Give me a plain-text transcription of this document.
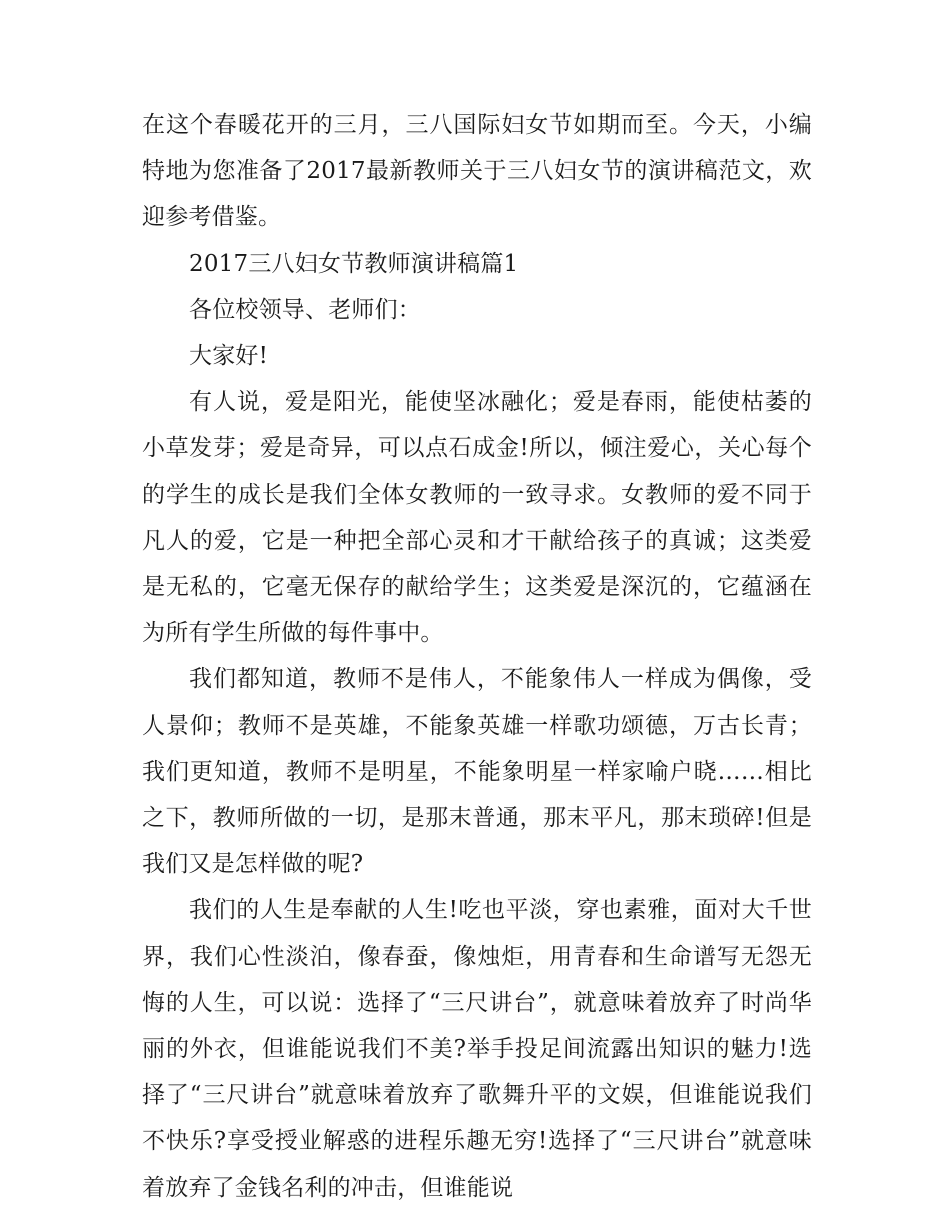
在这个春暖花开的三月，三八国际妇女节如期而至。今天，小编特地为您准备了2017最新教师关于三八妇女节的演讲稿范文，欢迎参考借鉴。

2017三八妇女节教师演讲稿篇1

各位校领导、老师们：

大家好!

有人说，爱是阳光，能使坚冰融化；爱是春雨，能使枯萎的小草发芽；爱是奇异，可以点石成金!所以，倾注爱心，关心每个的学生的成长是我们全体女教师的一致寻求。女教师的爱不同于凡人的爱，它是一种把全部心灵和才干献给孩子的真诚；这类爱是无私的，它毫无保存的献给学生；这类爱是深沉的，它蕴涵在为所有学生所做的每件事中。

我们都知道，教师不是伟人，不能象伟人一样成为偶像，受人景仰；教师不是英雄，不能象英雄一样歌功颂德，万古长青；我们更知道，教师不是明星，不能象明星一样家喻户晓……相比之下，教师所做的一切，是那末普通，那末平凡，那末琐碎!但是我们又是怎样做的呢?

我们的人生是奉献的人生!吃也平淡，穿也素雅，面对大千世界，我们心性淡泊，像春蚕，像烛炬，用青春和生命谱写无怨无悔的人生，可以说：选择了“三尺讲台”，就意味着放弃了时尚华丽的外衣，但谁能说我们不美?举手投足间流露出知识的魅力!选择了“三尺讲台”就意味着放弃了歌舞升平的文娱，但谁能说我们不快乐?享受授业解惑的进程乐趣无穷!选择了“三尺讲台”就意味着放弃了金钱名利的冲击，但谁能说
